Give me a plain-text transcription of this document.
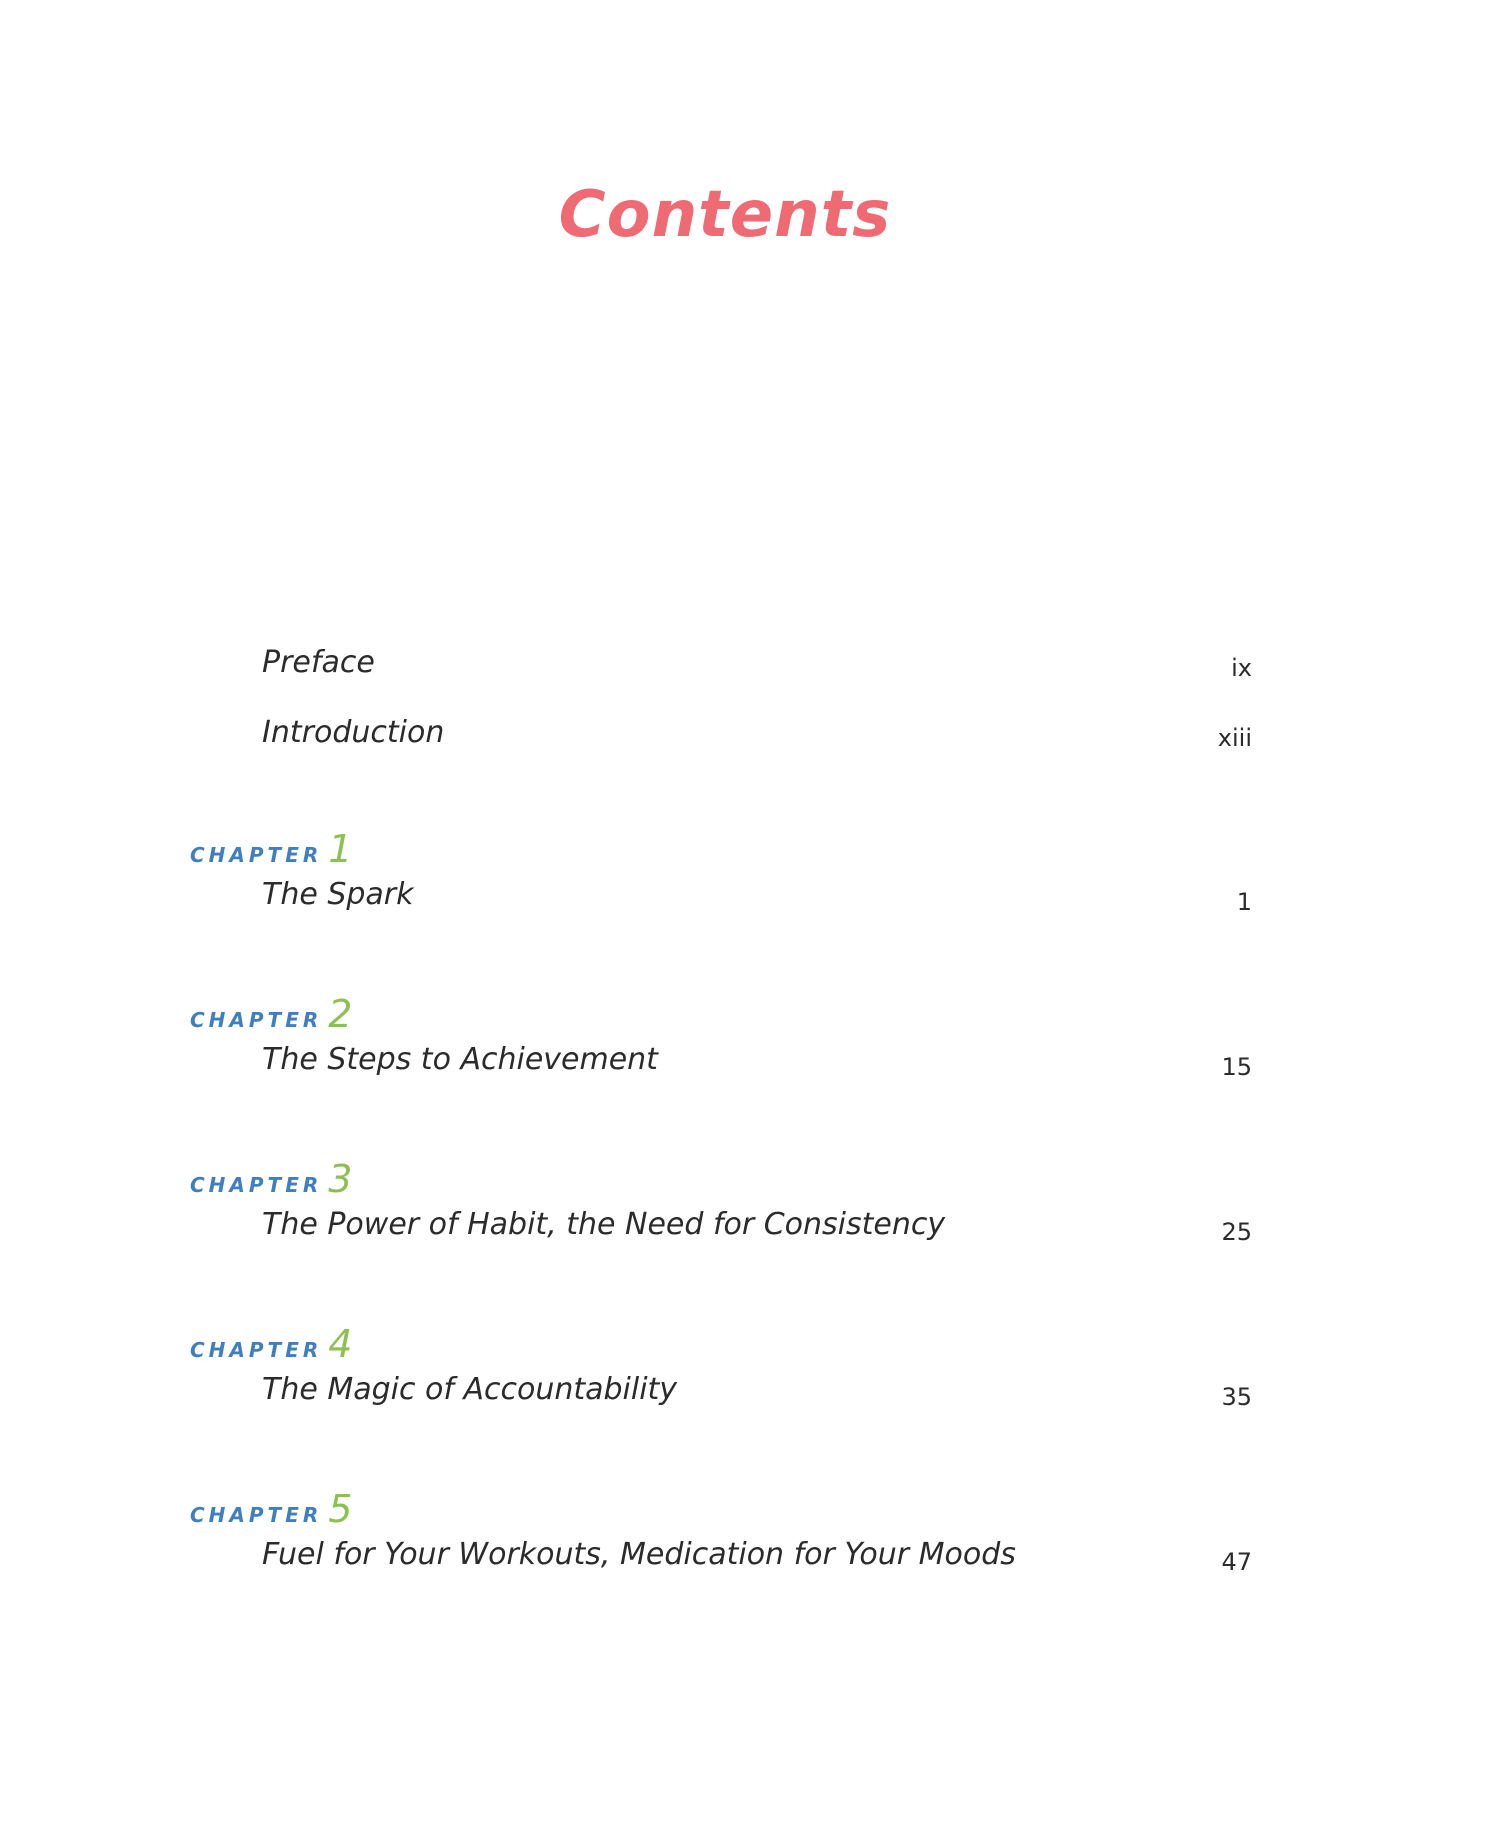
Contents
Preface	ix
Introduction	xiii
CHAPTER 1
The Spark	1
CHAPTER 2
The Steps to Achievement	15
CHAPTER 3
The Power of Habit, the Need for Consistency	25
CHAPTER 4
The Magic of Accountability	35
CHAPTER 5
Fuel for Your Workouts, Medication for Your Moods	47
